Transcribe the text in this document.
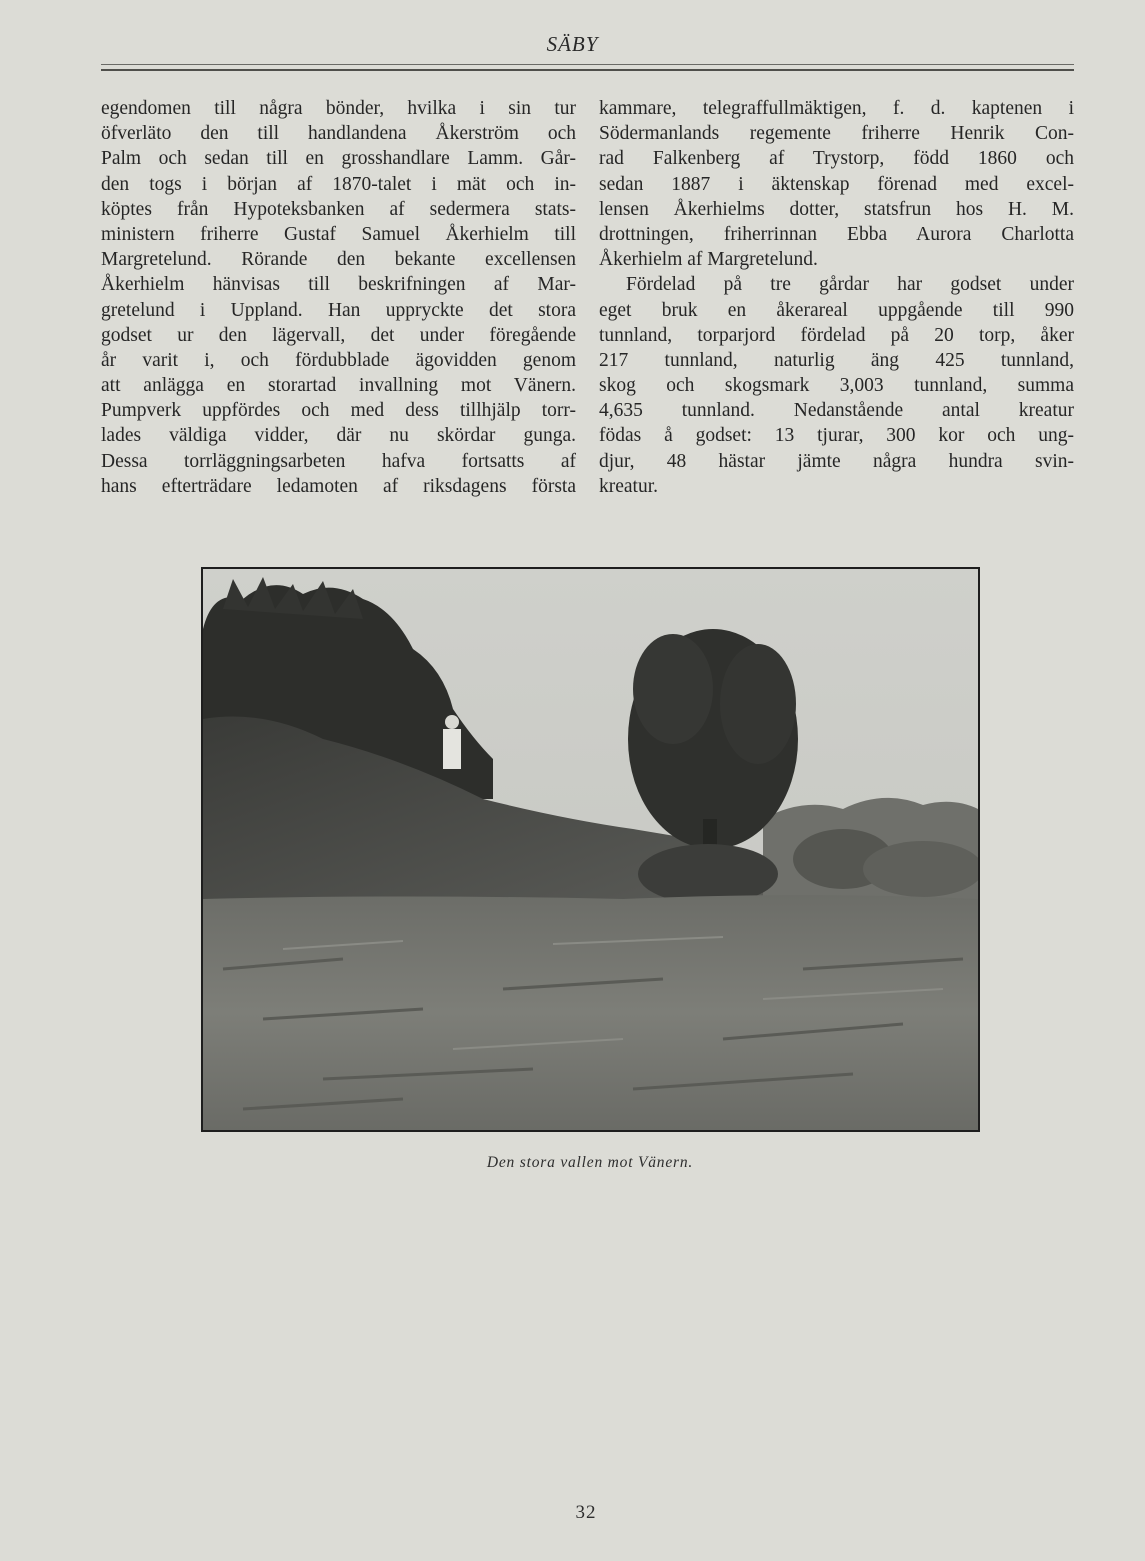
SÄBY
egendomen till några bönder, hvilka i sin tur
öfverläto den till handlandena Åkerström och
Palm och sedan till en grosshandlare Lamm. Går-
den togs i början af 1870-talet i mät och in-
köptes från Hypoteksbanken af sedermera stats-
ministern friherre Gustaf Samuel Åkerhielm till
Margretelund. Rörande den bekante excellensen
Åkerhielm hänvisas till beskrifningen af Mar-
gretelund i Uppland. Han uppryckte det stora
godset ur den lägervall, det under föregående
år varit i, och fördubblade ägovidden genom
att anlägga en storartad invallning mot Vänern.
Pumpverk uppfördes och med dess tillhjälp torr-
lades väldiga vidder, där nu skördar gunga.
Dessa torrläggningsarbeten hafva fortsatts af
hans efterträdare ledamoten af riksdagens första
kammare, telegraffullmäktigen, f. d. kaptenen i
Södermanlands regemente friherre Henrik Con-
rad Falkenberg af Trystorp, född 1860 och
sedan 1887 i äktenskap förenad med excel-
lensen Åkerhielms dotter, statsfrun hos H. M.
drottningen, friherrinnan Ebba Aurora Charlotta
Åkerhielm af Margretelund.
Fördelad på tre gårdar har godset under
eget bruk en åkerareal uppgående till 990
tunnland, torparjord fördelad på 20 torp, åker
217 tunnland, naturlig äng 425 tunnland,
skog och skogsmark 3,003 tunnland, summa
4,635 tunnland. Nedanstående antal kreatur
födas å godset: 13 tjurar, 300 kor och ung-
djur, 48 hästar jämte några hundra svin-
kreatur.
Den stora vallen mot Vänern.
32
